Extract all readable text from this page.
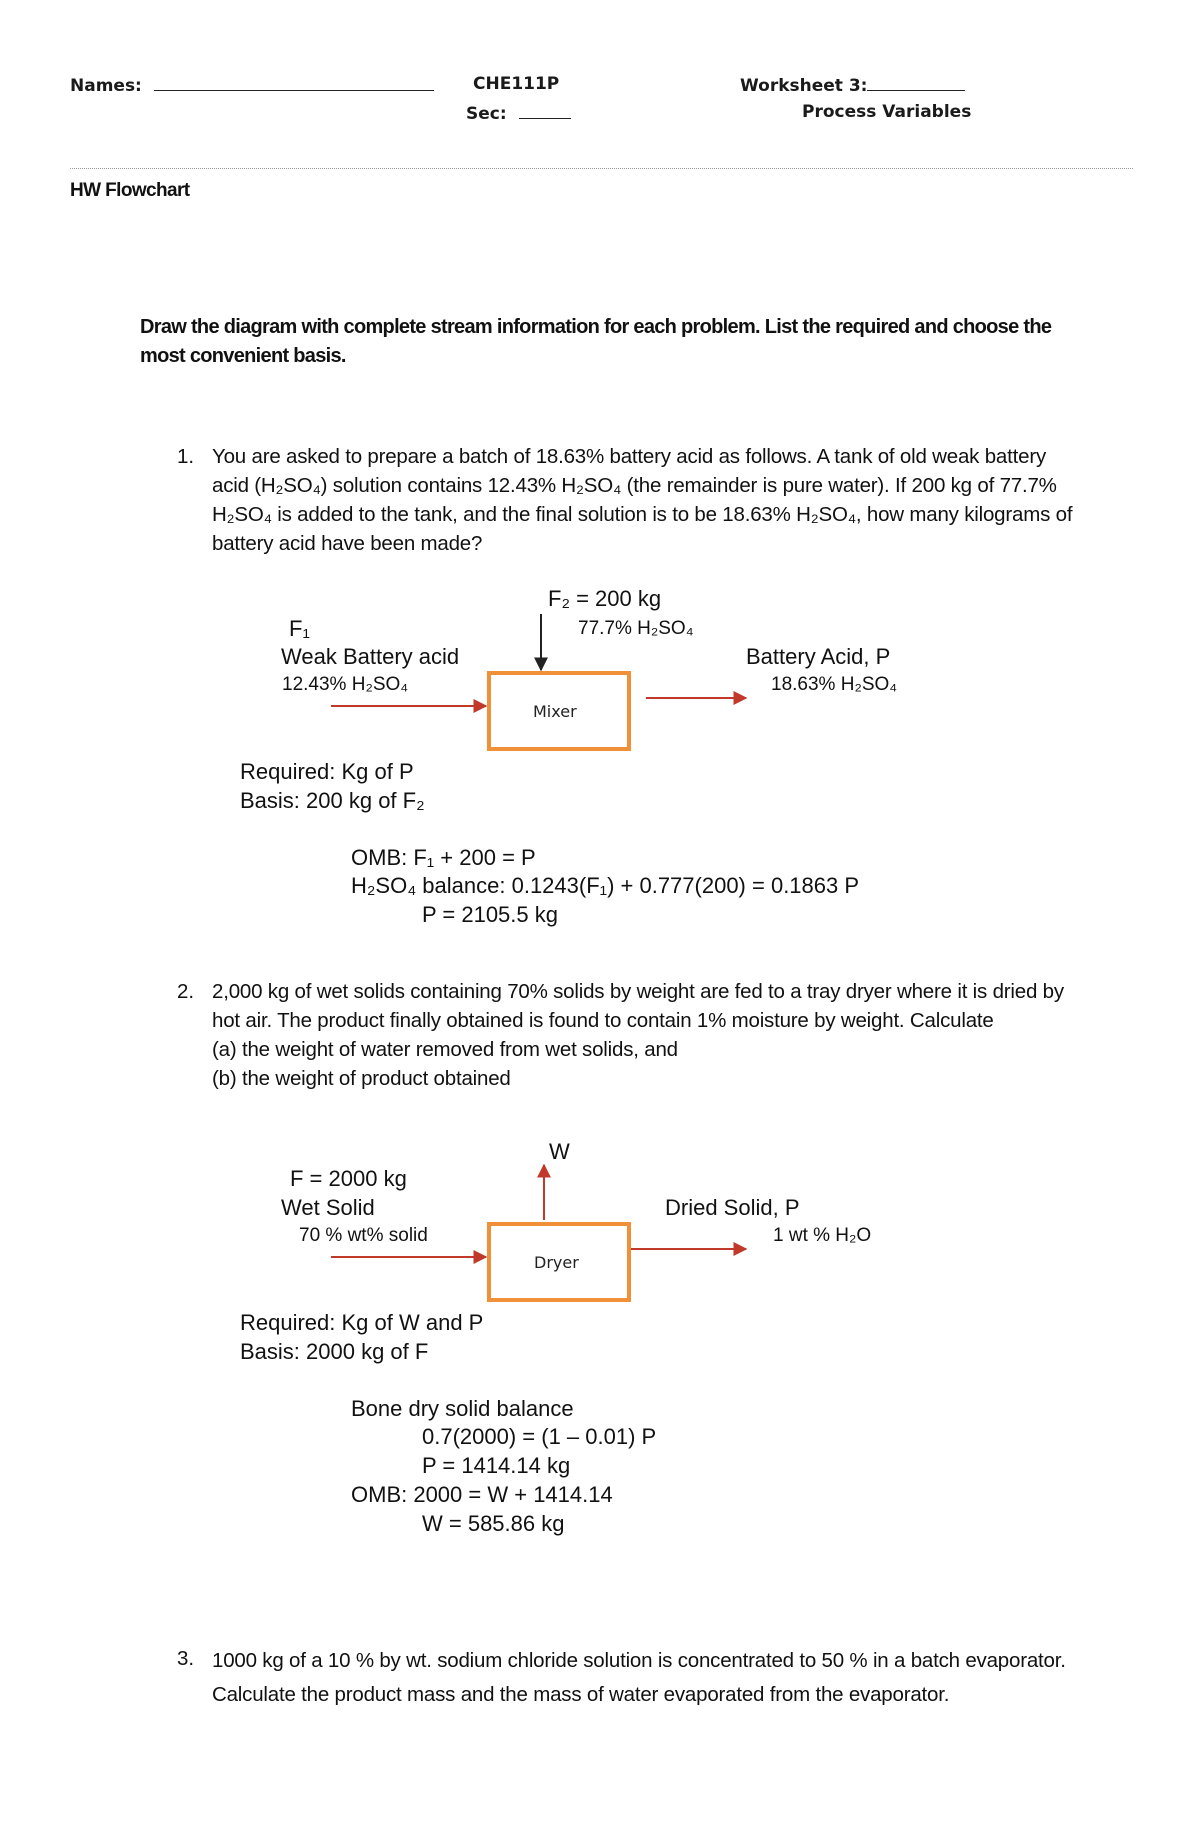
Names:	CHE111P
Sec:
Worksheet 3:
Process Variables
HW Flowchart
Draw the diagram with complete stream information for each problem. List the required and choose the
most convenient basis.
1. You are asked to prepare a batch of 18.63% battery acid as follows. A tank of old weak battery
acid (H₂SO₄) solution contains 12.43% H₂SO₄ (the remainder is pure water). If 200 kg of 77.7%
H₂SO₄ is added to the tank, and the final solution is to be 18.63% H₂SO₄, how many kilograms of
battery acid have been made?
F₂ = 200 kg
77.7% H₂SO₄
F₁
Weak Battery acid
12.43% H₂SO₄
Battery Acid, P
18.63% H₂SO₄
Mixer
Required: Kg of P
Basis: 200 kg of F₂
OMB: F₁ + 200 = P
H₂SO₄ balance: 0.1243(F₁) + 0.777(200) = 0.1863 P
P = 2105.5 kg
2. 2,000 kg of wet solids containing 70% solids by weight are fed to a tray dryer where it is dried by
hot air. The product finally obtained is found to contain 1% moisture by weight. Calculate
(a) the weight of water removed from wet solids, and
(b) the weight of product obtained
W
F = 2000 kg
Wet Solid
70 % wt% solid
Dried Solid, P
1 wt % H₂O
Dryer
Required: Kg of W and P
Basis: 2000 kg of F
Bone dry solid balance
0.7(2000) = (1 – 0.01) P
P = 1414.14 kg
OMB: 2000 = W + 1414.14
W = 585.86 kg
3. 1000 kg of a 10 % by wt. sodium chloride solution is concentrated to 50 % in a batch evaporator.
Calculate the product mass and the mass of water evaporated from the evaporator.
